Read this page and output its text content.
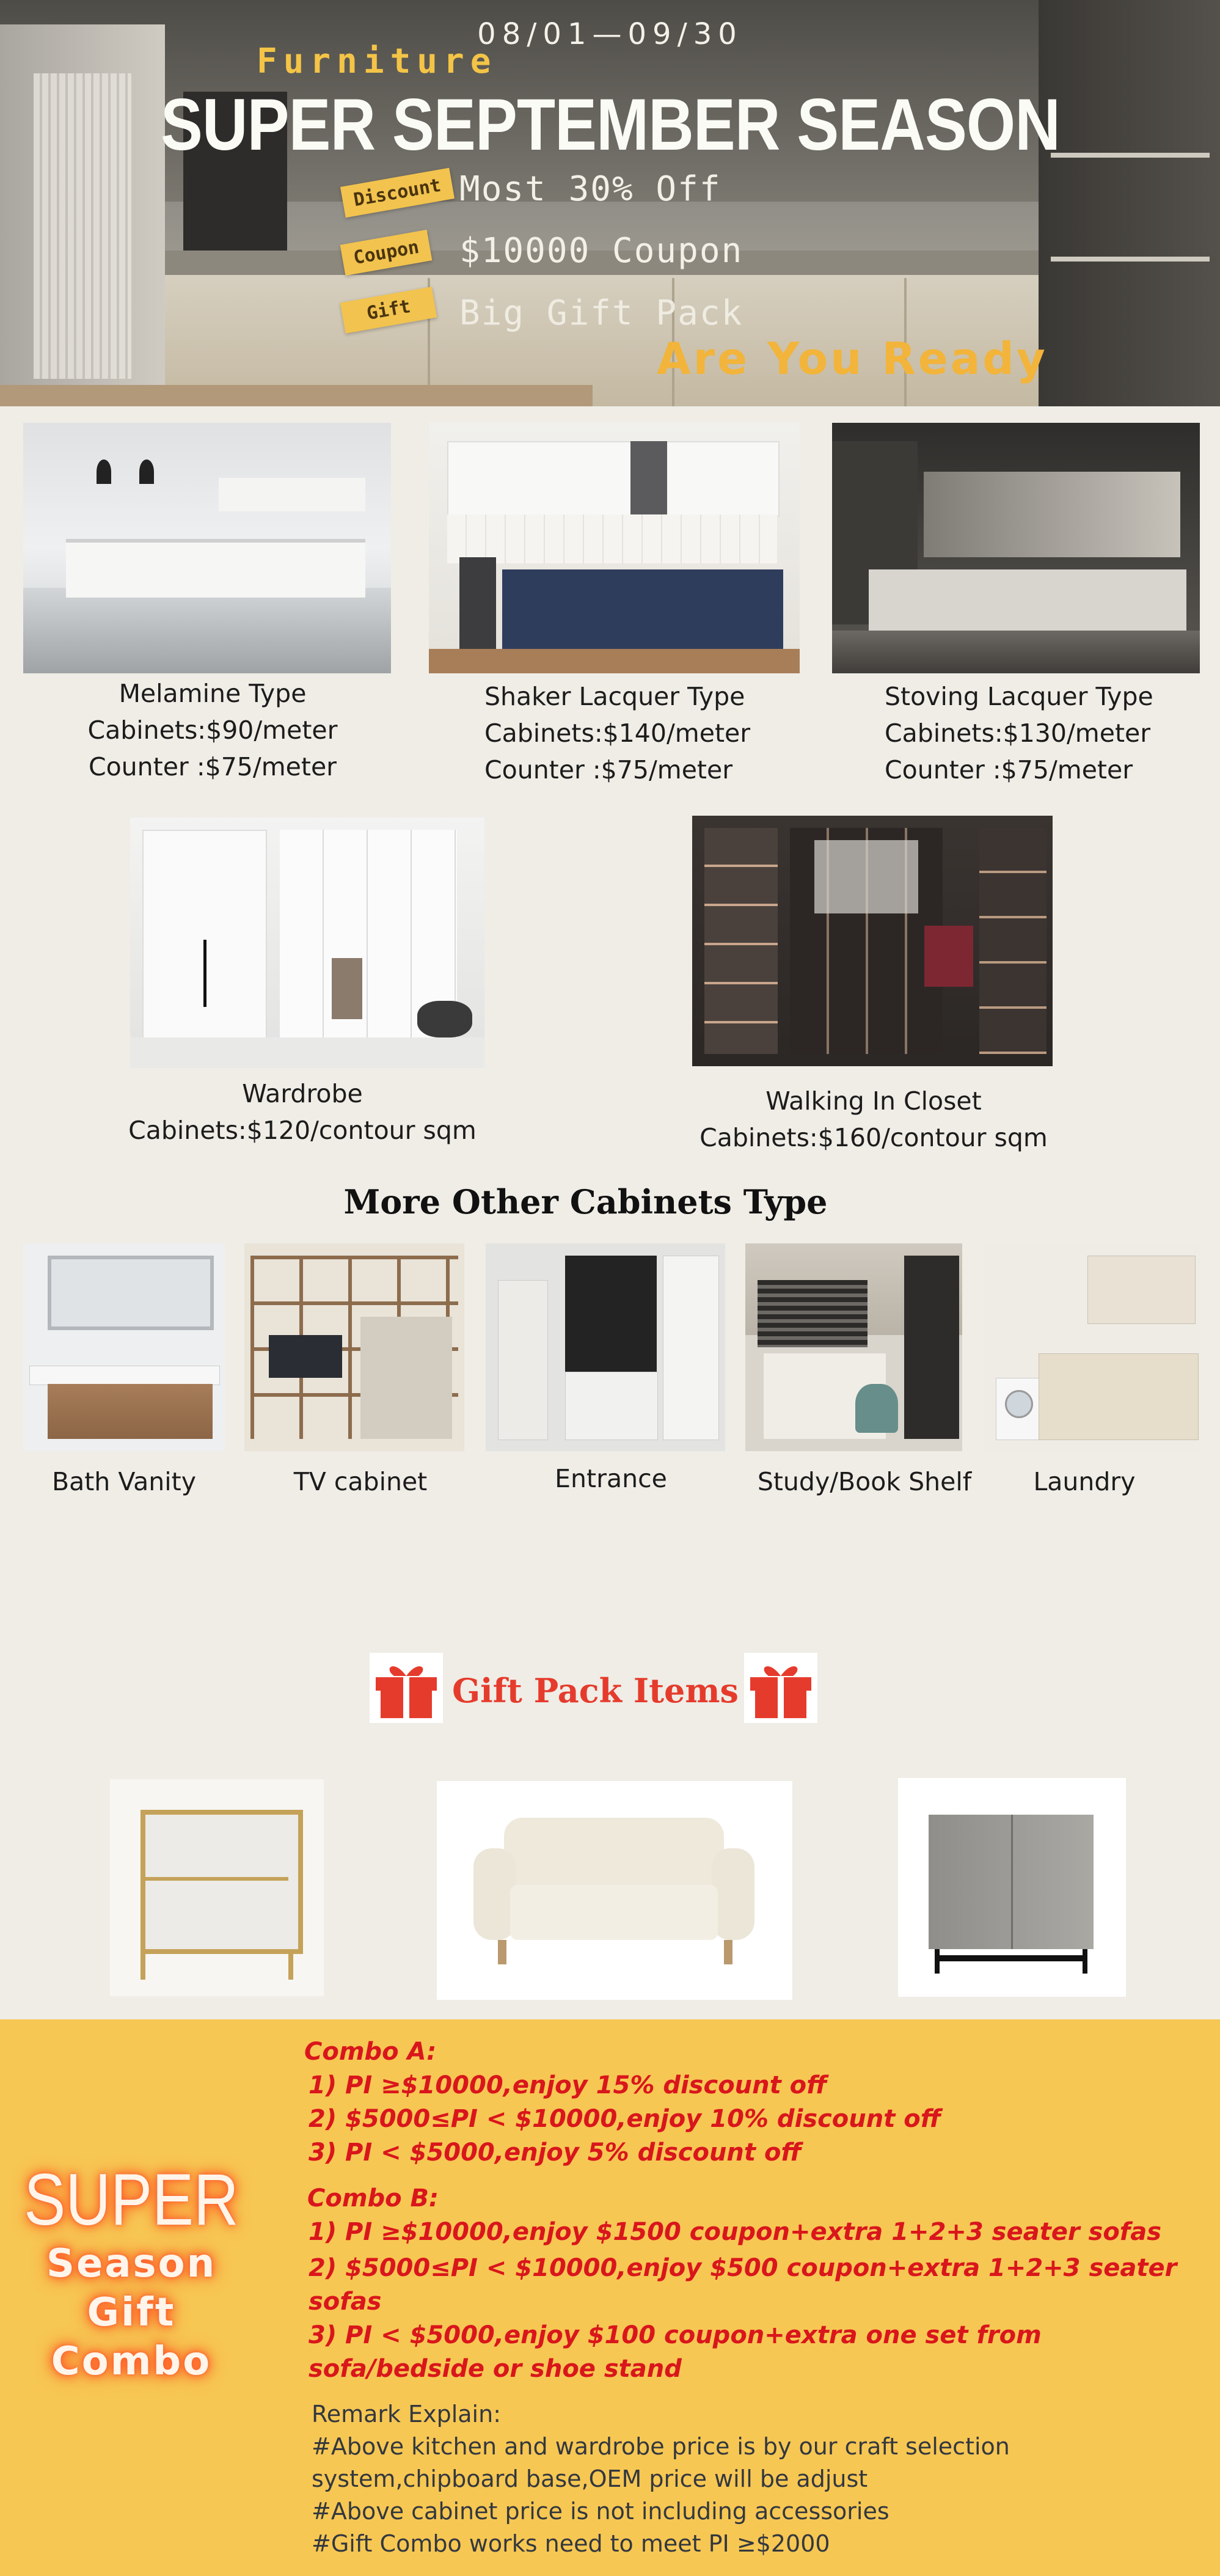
08/01—09/30
Furniture
SUPER SEPTEMBER SEASON
Discount Most 30% Off
Coupon	$10000 Coupon
Gift	Big Gift Pack
Are You Ready
Melamine Type
Cabinets:$90/meter
Counter :$75/meter
Shaker Lacquer Type
Cabinets:$140/meter
Counter :$75/meter
Stoving Lacquer Type
Cabinets:$130/meter
Counter :$75/meter
Wardrobe
Cabinets:$120/contour sqm
Walking In Closet
Cabinets:$160/contour sqm
More Other Cabinets Type
Bath Vanity	TV cabinet	Entrance	Study/Book Shelf	Laundry
Gift Pack Items
SUPER
Season Gift
Combo
Combo A:
1) PI ≥$10000,enjoy 15% discount off
2) $5000≤PI < $10000,enjoy 10% discount off
3) PI < $5000,enjoy 5% discount off
Combo B:
1) PI ≥$10000,enjoy $1500 coupon+extra 1+2+3 seater sofas
2) $5000≤PI < $10000,enjoy $500 coupon+extra 1+2+3 seater sofas
3) PI < $5000,enjoy $100 coupon+extra one set from sofa/bedside or shoe stand
Remark Explain:
#Above kitchen and wardrobe price is by our craft selection system,chipboard base,OEM price will be adjust
#Above cabinet price is not including accessories
#Gift Combo works need to meet PI ≥$2000
